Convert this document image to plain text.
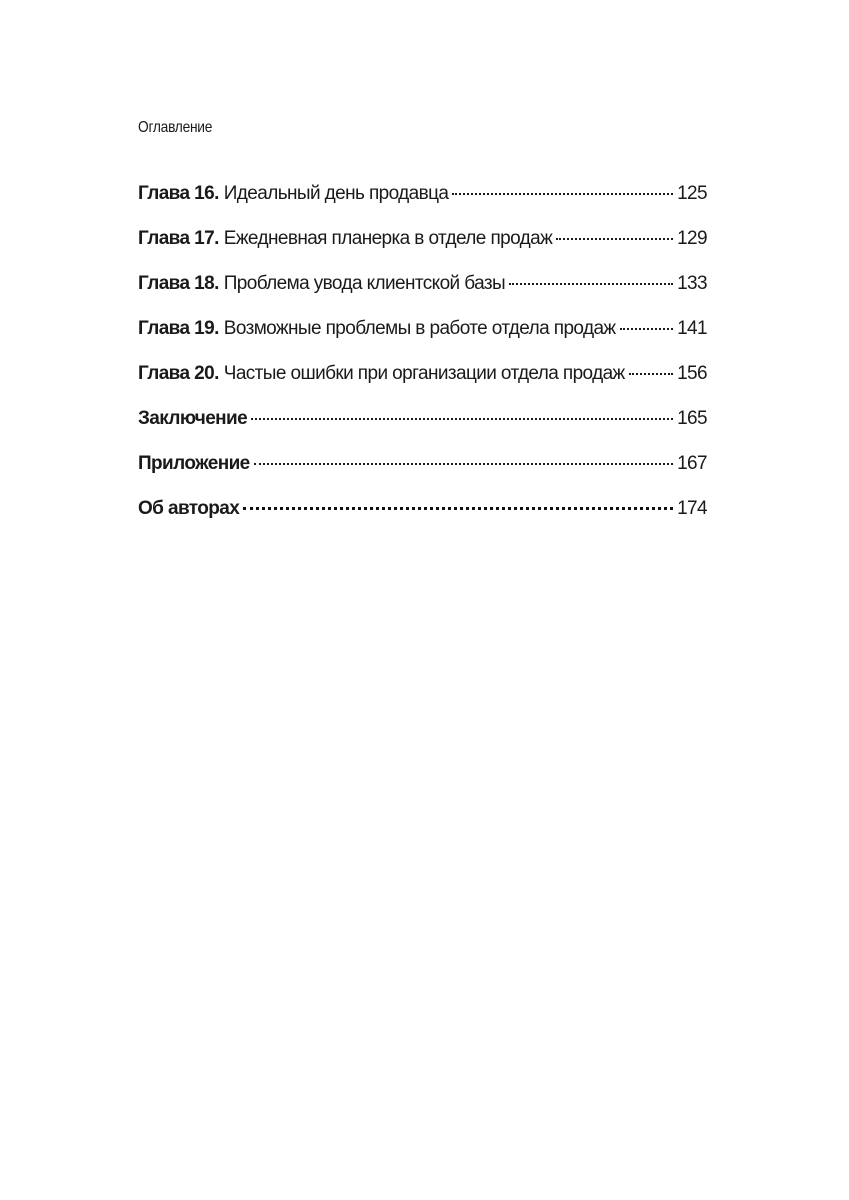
Оглавление
Глава 16. Идеальный день продавца	125
Глава 17. Ежедневная планерка в отделе продаж	129
Глава 18. Проблема увода клиентской базы	133
Глава 19. Возможные проблемы в работе отдела продаж	141
Глава 20. Частые ошибки при организации отдела продаж	156
Заключение	165
Приложение	167
Об авторах	174
